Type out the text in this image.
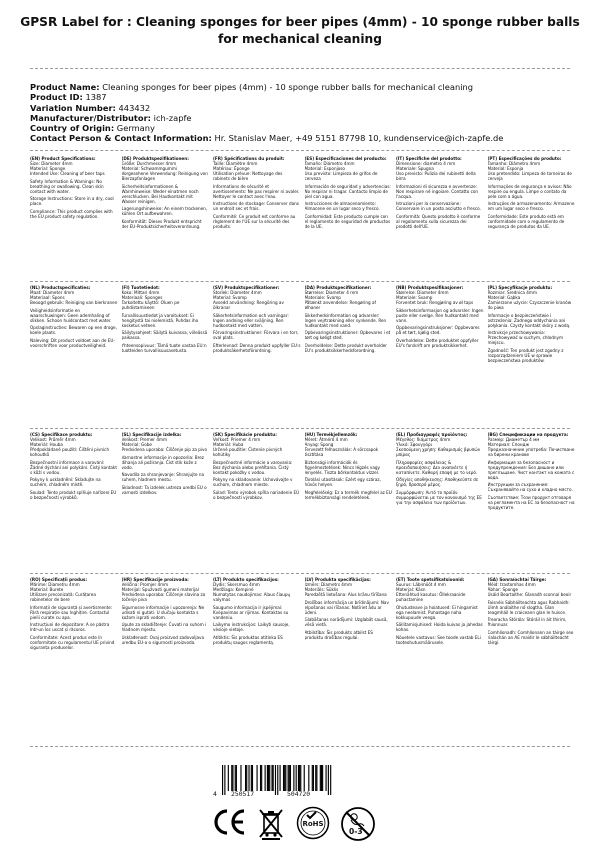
GPSR Label for : Cleaning sponges for beer pipes (4mm) - 10 sponge rubber balls for mechanical cleaning
Product Name: Cleaning sponges for beer pipes (4mm) - 10 sponge rubber balls for mechanical cleaning
Product ID: 1387
Variation Number: 443432
Manufacturer/Distributor: ich-zapfe
Country of Origin: Germany
Contact Person & Contact Information: Hr. Stanislav Maer, +49 5151 87798 10, kundenservice@ich-zapfe.de

(EN) Product Specifications:
Size: Diameter 4mm
Material: Sponge
Intended Use: Cleaning of beer taps

Safety Information & Warnings: No breathing or swallowing. Clean skin contact with water.

Storage Instructions: Store in a dry, cool place.

Compliance: This product complies with the EU product safety regulation.

(DE) Produktspezifikationen:
Größe: Durchmesser 4mm
Material: Schwammgummi
Vorgesehene Verwendung: Reinigung von Bierzapfanlagen

Sicherheitsinformationen & Warnhinweise: Weder einatmen noch verschlucken. Bei Hautkontakt mit Wasser reinigen.

Lagerungshinweise: An einem trockenen, kühlen Ort aufbewahren.

Konformität: Dieses Produkt entspricht der EU-Produktsicherheitsverordnung.

(FR) Spécifications du produit:
Taille: Diamètre 4mm
Matériau: Éponge
Utilisation prévue: Nettoyage des robinets de bière

Informations de sécurité et avertissements: Ne pas respirer ni avaler. Nettoyer le contact avec l'eau.

Instructions de stockage: Conserver dans un endroit sec et frais.

Conformité: Ce produit est conforme au règlement de l'UE sur la sécurité des produits.

(ES) Especificaciones del producto:
Tamaño: Diámetro 4mm
Material: Esponjoso
Uso previsto: Limpieza de grifos de cerveza

Información de seguridad y advertencias: No respirar ni tragar. Contacto limpio de piel con agua.

Instrucciones de almacenamiento: Almacene en un lugar seco y fresco.

Conformidad: Este producto cumple con el reglamento de seguridad de productos de la UE.

(IT) Specifiche del prodotto:
Dimensione: diametro 4 mm
Materiale: Spugna
Uso previsto: Pulizia dei rubinetti della birra

Informazioni di sicurezza e avvertenze: Non respirare né ingoiare. Contatto con l'acqua.

Istruzioni per la conservazione: Conservare in un posto asciutto e fresco.

Conformità: Questo prodotto è conforme al regolamento sulla sicurezza dei prodotti dell'UE.

(PT) Especificações do produto:
Tamanho: Diâmetro 4mm
Material: Esponja
Uso pretendido: Limpeza de torneiras de cerveja

Informações de segurança e avisos: Não respire ou engula. Limpe o contato da pele com a água.

Instruções de armazenamento: Armazene em um lugar seco e fresco.

Conformidade: Este produto está em conformidade com o regulamento de segurança de produtos da UE.

(NL) Productspecificaties:
Maat: Diameter 4mm
Materiaal: Spons
Beoogd gebruik: Reiniging van bierkranen

Veiligheidsinformatie en waarschuwingen: Geen ademhaling of slikken. Schoon huidcontact met water.

Opslaginstructies: Bewaren op een droge, koele plaats.

Naleving: Dit product voldoet aan de EU-voorschriften voor productveiligheid.

(FI) Tuotetiedot:
Koko: Mittari 4mm
Materiaali: Sponges
Tarkoitettu käyttö: Oluen pe puhdistamiseen

Turvallisuustiedot ja varoitukset: Ei hengitystä tai nielemistä. Puhdas iho kosketus veteen.

Säilytysohjeet: Säilytä kuivassa, viileässä paikassa.

Yhteensopivuus: Tämä tuote vastaa EU:n tuotteiden turvallisuusasetusta.

(SV) Produktspecifikationer:
Storlek: Diameter 4mm
Material: Svamp
Avsedd användning: Rengöring av ölkranar

Säkerhetsinformation och varningar: Ingen andning eller sväljning. Ren hudkontakt med vatten.

Förvaringsinstruktioner: Förvara i en torr, sval plats.

Efterlevnad: Denna produkt uppfyller EU:s produktsäkerhetsförordning.

(DA) Produktspecifikationer:
Størrelse: Diameter 4 mm
Materiale: Svamp
Påtænkt anvendelse: Rengøring af ølhaner

Sikkerhedsinformation og advarsler: Ingen vejrtrækning eller synkende. Ren hudkontakt med vand.

Opbevaringsinstruktioner: Opbevares i et tørt og køligt sted.

Overholdelse: Dette produkt overholder EU's produktsikkerhedsforordning.

(NB) Produktspesifikasjoner:
Størrelse: Diameter 4mm
Materiale: Svamp
Forventet bruk: Rengjøring av øl taps

Sikkerhetsinformasjon og advarsler: Ingen puste eller svelge. Ren hudkontakt med vann.

Oppbevaringsinstruksjoner: Oppbevares på et tørt, kjølig sted.

Overholdelse: Dette produktet oppfyller EU's forskrift om produktsikkerhet.

(PL) Specyfikacje produktu:
Rozmiar: Średnica 4mm
Materiał: Gąbka
Zamierzone użycie: Czyszczenie kranów do piwa

Informacje o bezpieczeństwie i ostrzeżenia: Żadnego oddychania ani połykania. Czysty kontakt skóry z wodą.

Instrukcje przechowywania: Przechowywać w suchym, chłodnym miejscu.

Zgodność: Ten produkt jest zgodny z rozporządzeniem UE w sprawie bezpieczeństwa produktów.

(CS) Specifikace produktu:
Velikost: Průměr 4mm
Materiál: Houba
Předpokládané použití: Čištění pivních kohoutků

Bezpečnostní informace a varování: Žádné dýchání ani polykání. Čistý kontakt s kůží s vodou.

Pokyny k uskladnění: Skladujte na suchém, chladném místě.

Soulad: Tento produkt splňuje nařízení EU o bezpečnosti výrobků.

(SL) Specifikacije izdelka:
Velikost: Premer 4mm
Material: Gobe
Predvidena uporaba: Čiščenje pip za pivo

Varnostne informacije in opozorila: Brez dihanja ali požiranja. Čist stik kože z vodo.

Navodila za shranjevanje: Shranjujte na suhem, hladnem mestu.

Skladnost: Ta izdelek ustreza uredbi EU o varnosti izdelkov.

(SK) Špecifikácie produktu:
Veľkosť: Priemer 4 mm
Materiál: Huba
Určené použitie: Čistenie pivných kohútiky

Bezpečnostné informácie a varovania: Bez dýchania alebo prehĺtania. Čistý kontakt pokožky s vodou.

Pokyny na skladovanie: Uchovávajte v suchom, chladnom mieste.

Súlad: Tento výrobok spĺňa nariadenie EÚ o bezpečnosti výrobkov.

(HU) Termékjellemzők:
Méret: Átmérő 4 mm
Anyag: Spong
Tervezett felhasználás: A sörcsapok tisztítása

Biztonsági információk és figyelmeztetések: Nincs légzés vagy lenyelés. Tiszta bőrkontaktus vízzel.

Tárolási utasítások: Ezért egy száraz, hűvös helyen.

Megfelelőség: Ez a termék megfelel az EU termékbiztonsági rendeletének.

(EL) Προδιαγραφές προϊόντος:
Μέγεθος: διάμετρος 4mm
Υλικό: Σφουγγάρι
Σκοπούμενη χρήση: Καθαρισμός βρυσών μπίρας

Πληροφορίες ασφάλειας & προειδοποιήσεις: Δεν αναπνέετε ή καταπίνετε. Καθαρή επαφή με το νερό.

Οδηγίες αποθήκευσης: Αποθηκεύστε σε ξηρό, δροσερό μέρος.

Συμμόρφωση: Αυτό το προϊόν συμμορφώνεται με τον κανονισμό της ΕΕ για την ασφάλεια των προϊόντων.

(BG) Спецификации на продукта:
Размер: Диаметър 4 мм
Материал: Спондж
Предназначение употреба: Почистване на бирени кранове

Информация за безопасност и предупреждения: Без дишане или преглъщане. Чист контакт на кожата с вода.

Инструкции за съхранение: Съхранявайте на сухо и хладно място.

Съответствие: Този продукт отговаря на регламента на ЕС за безопасност на продуктите.

(RO) Specificații produs:
Mărime: Diametru 4mm
Material: Burete
Utilizare preconizată: Curățarea robinetelor de bere

Informații de siguranță și avertismente: Fără respirație sau înghițire. Contactul pielii curate cu apa.

Instrucțiuni de depozitare: A se păstra într-un loc uscat și răcoros.

Conformitate: Acest produs este în conformitate cu regulamentul UE privind siguranța produselor.

(HR) Specifikacije proizvoda:
Veličina: Promjer 4mm
Materijal: Spužvasti gumeni materijal
Predviđena uporaba: Čišćenje slavina za točenje piva

Sigurnosne informacije i upozorenja: Ne udisati ni gutati. U slučaju kontakta s kožom isprati vodom.

Upute za skladištenje: Čuvati na suhom i hladnom mjestu.

Usklađenost: Ovaj proizvod zadovoljava uredbu EU-a o sigurnosti proizvoda.

(LT) Produkto specifikacijos:
Dydis: Skersmuo 4mm
Medžiaga: Kempinė
Numatytas naudojimas: Alaus čiaupų valymas

Saugumo informacija ir įspėjimai: Kvėpavimas ar rijimas. Kontaktas su vandeniu.

Laikymo instrukcijos: Laikyti sausoje, vėsioje vietoje.

Atitiktis: Šis produktas atitinka ES produktų saugos reglamentą.

(LV) Produkta specifikācijas:
Izmērs: Diametrs 4mm
Materiāls: Sūklis
Paredzētā lietošana: Alus krānu tīrīšana

Drošības informācija un brīdinājumi: Nav elpošanas vai rīšanas. Notīriet ādu ar ūdeni.

Glabāšanas norādījumi: Uzglabāt sausā, vēsā vietā.

Atbilstība: Šis produkts atbilst ES produktu drošības regulai.

(ET) Toote spetsifikatsioonid:
Suurus: Läbimõõt 4 mm
Materjal: Käsn
Ettenähtud kasutus: Õllekraanide puhastamine

Ohutusteave ja hoiatused: Ei hingamist ega neelamist. Puhastage naha kokkupuude veega.

Säilitamisjuhised: Hoida kuivas ja jahedas kohas.

Nõuetele vastavus: See toode vastab ELi tooteohutusmäärusele.

(GA) Sonraíochtaí Táirge:
Méid: trastomhas 4mm
Ábhar: Sponge
Úsáid Beartaithe: Glanadh sconnaí beoir

Faisnéis Sábháilteachta agus Rabhaidh: Uimh análaithe nó slogtha. Glan teagmháil le craiceann glan le huisce.

Treoracha Stórála: Stóráil in áit thirim, fhionnuar.

Comhlíonadh: Comhlíonann an táirge seo rialachán an AE maidir le sábháilteacht táirgí.

4 250517	504720
RoHS
0-3
